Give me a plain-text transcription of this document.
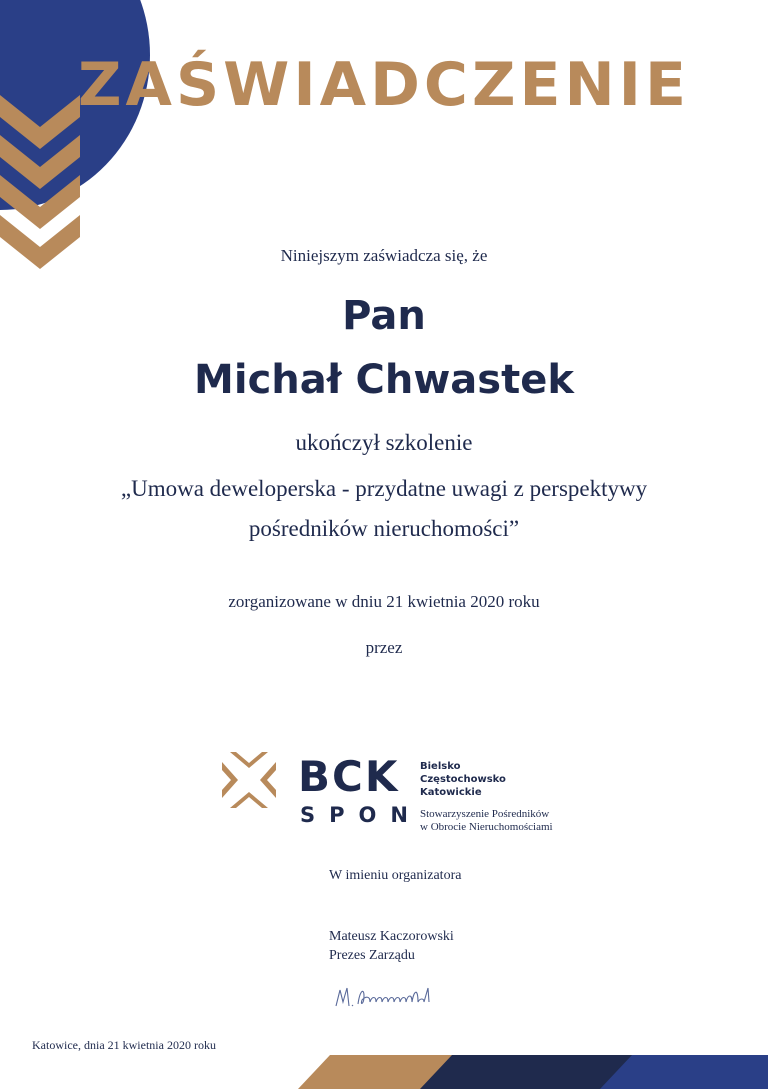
ZAŚWIADCZENIE
Niniejszym zaświadcza się, że
Pan
Michał Chwastek
ukończył szkolenie
„Umowa deweloperska - przydatne uwagi z perspektywy
pośredników nieruchomości”
zorganizowane w dniu 21 kwietnia 2020 roku
przez
BCK
SPON
Bielsko
Częstochowsko
Katowickie
Stowarzyszenie Pośredników
w Obrocie Nieruchomościami
W imieniu organizatora
Mateusz Kaczorowski
Prezes Zarządu
Katowice, dnia 21 kwietnia 2020 roku
